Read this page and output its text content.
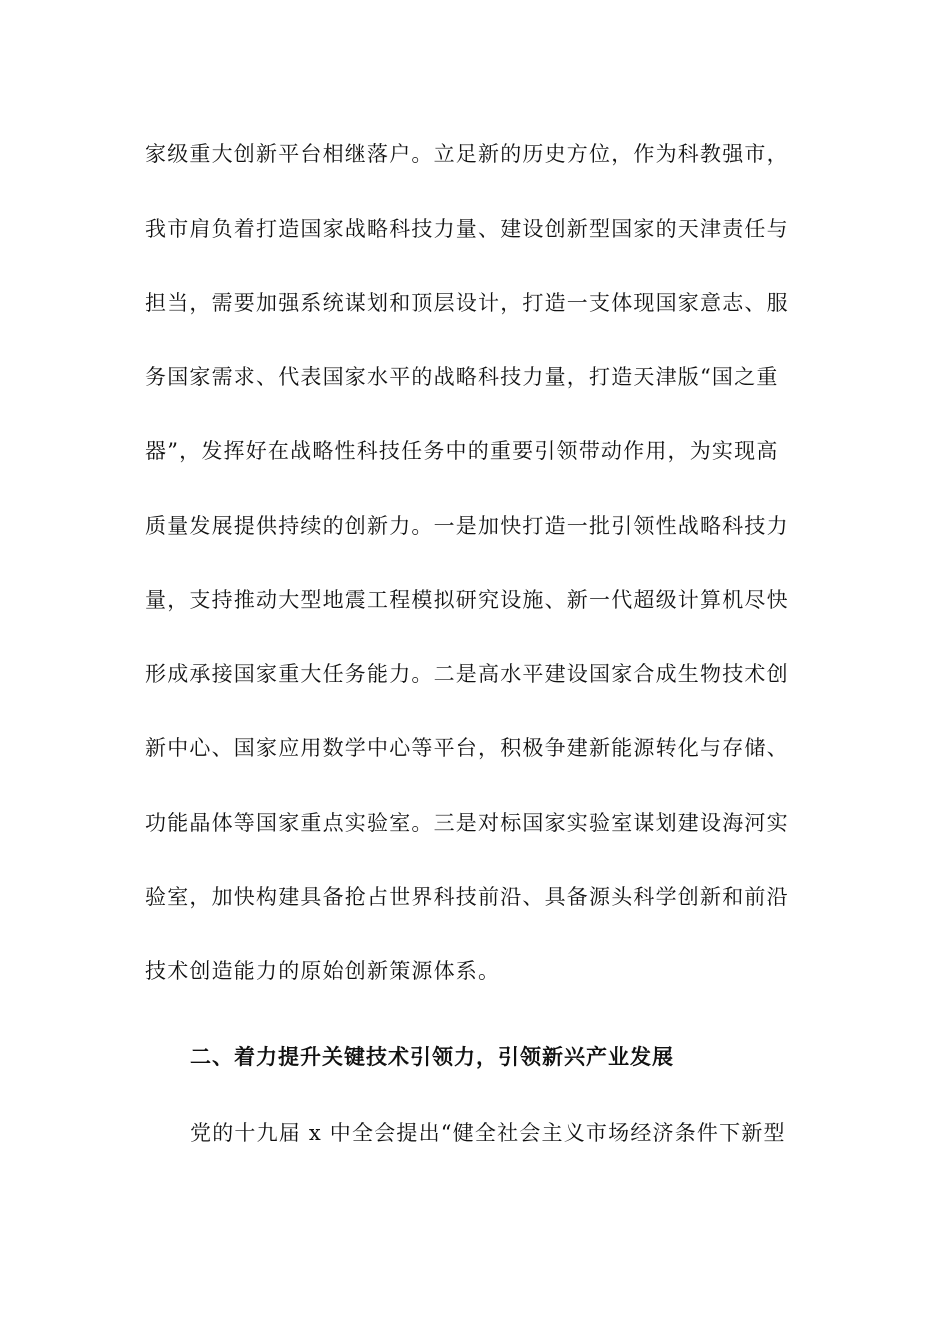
家级重大创新平台相继落户。立足新的历史方位，作为科教强市，
我市肩负着打造国家战略科技力量、建设创新型国家的天津责任与
担当，需要加强系统谋划和顶层设计，打造一支体现国家意志、服
务国家需求、代表国家水平的战略科技力量，打造天津版“国之重
器”，发挥好在战略性科技任务中的重要引领带动作用，为实现高
质量发展提供持续的创新力。一是加快打造一批引领性战略科技力
量，支持推动大型地震工程模拟研究设施、新一代超级计算机尽快
形成承接国家重大任务能力。二是高水平建设国家合成生物技术创
新中心、国家应用数学中心等平台，积极争建新能源转化与存储、
功能晶体等国家重点实验室。三是对标国家实验室谋划建设海河实
验室，加快构建具备抢占世界科技前沿、具备源头科学创新和前沿
技术创造能力的原始创新策源体系。
二、着力提升关键技术引领力，引领新兴产业发展
党的十九届 x 中全会提出“健全社会主义市场经济条件下新型
